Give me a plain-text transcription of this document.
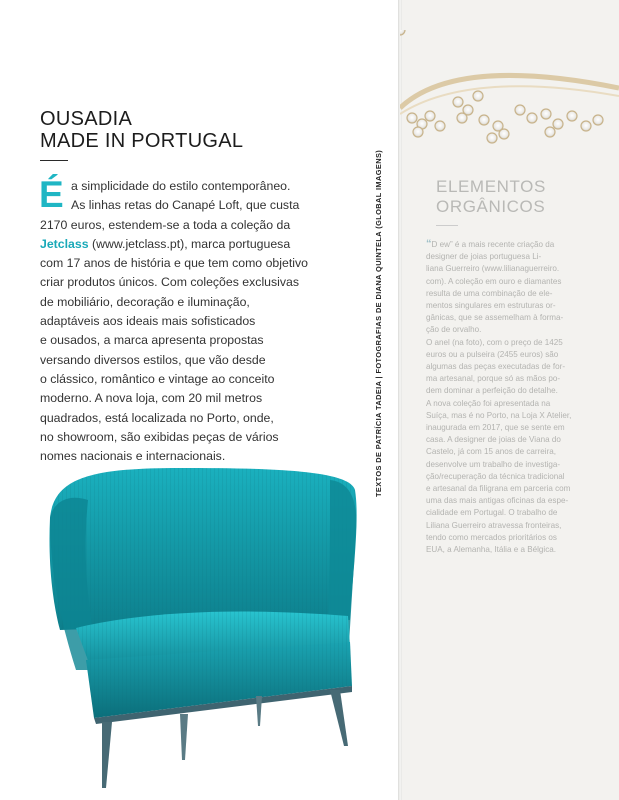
OUSADIA
MADE IN PORTUGAL
É a simplicidade do estilo contemporâneo.
As linhas retas do Canapé Loft, que custa
2170 euros, estendem-se a toda a coleção da
Jetclass (www.jetclass.pt), marca portuguesa
com 17 anos de história e que tem como objetivo
criar produtos únicos. Com coleções exclusivas
de mobiliário, decoração e iluminação,
adaptáveis aos ideais mais sofisticados
e ousados, a marca apresenta propostas
versando diversos estilos, que vão desde
o clássico, romântico e vintage ao conceito
moderno. A nova loja, com 20 mil metros
quadrados, está localizada no Porto, onde,
no showroom, são exibidas peças de vários
nomes nacionais e internacionais.	TEXTOS DE PATRÍCIA TADEIA | FOTOGRAFIAS DE DIANA QUINTELA (GLOBAL IMAGENS)	ELEMENTOS
ORGÂNICOS

“D ew” é a mais recente criação da
designer de joias portuguesa Li-
liana Guerreiro (www.lilianaguerreiro.
com). A coleção em ouro e diamantes
resulta de uma combinação de ele-
mentos singulares em estruturas or-
gânicas, que se assemelham à forma-
ção de orvalho.
O anel (na foto), com o preço de 1425
euros ou a pulseira (2455 euros) são
algumas das peças executadas de for-
ma artesanal, porque só as mãos po-
dem dominar a perfeição do detalhe.
A nova coleção foi apresentada na
Suíça, mas é no Porto, na Loja X Atelier,
inaugurada em 2017, que se sente em
casa. A designer de joias de Viana do
Castelo, já com 15 anos de carreira,
desenvolve um trabalho de investiga-
ção/recuperação da técnica tradicional
e artesanal da filigrana em parceria com
uma das mais antigas oficinas da espe-
cialidade em Portugal. O trabalho de
Liliana Guerreiro atravessa fronteiras,
tendo como mercados prioritários os
EUA, a Alemanha, Itália e a Bélgica.
